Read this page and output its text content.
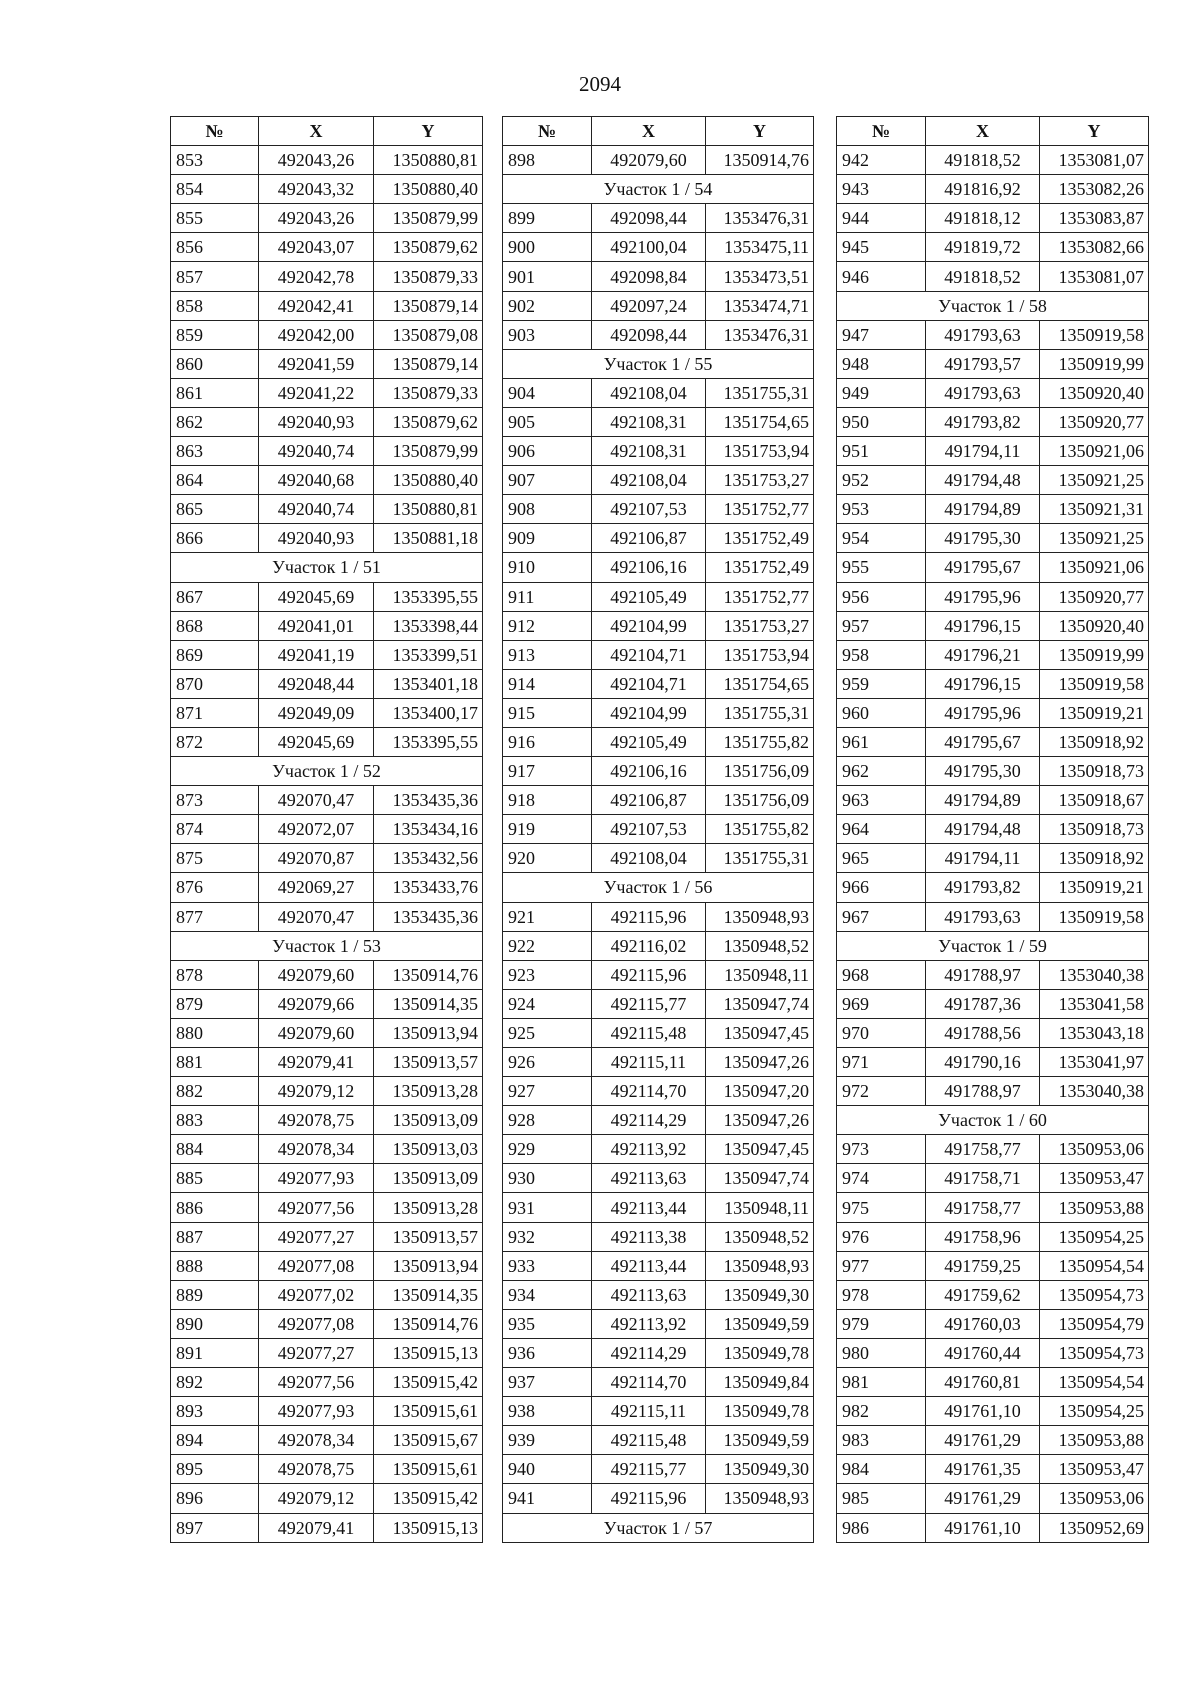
2094
№	X	Y
853	492043,26	1350880,81
854	492043,32	1350880,40
855	492043,26	1350879,99
856	492043,07	1350879,62
857	492042,78	1350879,33
858	492042,41	1350879,14
859	492042,00	1350879,08
860	492041,59	1350879,14
861	492041,22	1350879,33
862	492040,93	1350879,62
863	492040,74	1350879,99
864	492040,68	1350880,40
865	492040,74	1350880,81
866	492040,93	1350881,18
Участок 1 / 51		
867	492045,69	1353395,55
868	492041,01	1353398,44
869	492041,19	1353399,51
870	492048,44	1353401,18
871	492049,09	1353400,17
872	492045,69	1353395,55
Участок 1 / 52		
873	492070,47	1353435,36
874	492072,07	1353434,16
875	492070,87	1353432,56
876	492069,27	1353433,76
877	492070,47	1353435,36
Участок 1 / 53		
878	492079,60	1350914,76
879	492079,66	1350914,35
880	492079,60	1350913,94
881	492079,41	1350913,57
882	492079,12	1350913,28
883	492078,75	1350913,09
884	492078,34	1350913,03
885	492077,93	1350913,09
886	492077,56	1350913,28
887	492077,27	1350913,57
888	492077,08	1350913,94
889	492077,02	1350914,35
890	492077,08	1350914,76
891	492077,27	1350915,13
892	492077,56	1350915,42
893	492077,93	1350915,61
894	492078,34	1350915,67
895	492078,75	1350915,61
896	492079,12	1350915,42
897	492079,41	1350915,13
№	X	Y
898	492079,60	1350914,76
Участок 1 / 54		
899	492098,44	1353476,31
900	492100,04	1353475,11
901	492098,84	1353473,51
902	492097,24	1353474,71
903	492098,44	1353476,31
Участок 1 / 55		
904	492108,04	1351755,31
905	492108,31	1351754,65
906	492108,31	1351753,94
907	492108,04	1351753,27
908	492107,53	1351752,77
909	492106,87	1351752,49
910	492106,16	1351752,49
911	492105,49	1351752,77
912	492104,99	1351753,27
913	492104,71	1351753,94
914	492104,71	1351754,65
915	492104,99	1351755,31
916	492105,49	1351755,82
917	492106,16	1351756,09
918	492106,87	1351756,09
919	492107,53	1351755,82
920	492108,04	1351755,31
Участок 1 / 56		
921	492115,96	1350948,93
922	492116,02	1350948,52
923	492115,96	1350948,11
924	492115,77	1350947,74
925	492115,48	1350947,45
926	492115,11	1350947,26
927	492114,70	1350947,20
928	492114,29	1350947,26
929	492113,92	1350947,45
930	492113,63	1350947,74
931	492113,44	1350948,11
932	492113,38	1350948,52
933	492113,44	1350948,93
934	492113,63	1350949,30
935	492113,92	1350949,59
936	492114,29	1350949,78
937	492114,70	1350949,84
938	492115,11	1350949,78
939	492115,48	1350949,59
940	492115,77	1350949,30
941	492115,96	1350948,93
Участок 1 / 57		
№	X	Y
942	491818,52	1353081,07
943	491816,92	1353082,26
944	491818,12	1353083,87
945	491819,72	1353082,66
946	491818,52	1353081,07
Участок 1 / 58		
947	491793,63	1350919,58
948	491793,57	1350919,99
949	491793,63	1350920,40
950	491793,82	1350920,77
951	491794,11	1350921,06
952	491794,48	1350921,25
953	491794,89	1350921,31
954	491795,30	1350921,25
955	491795,67	1350921,06
956	491795,96	1350920,77
957	491796,15	1350920,40
958	491796,21	1350919,99
959	491796,15	1350919,58
960	491795,96	1350919,21
961	491795,67	1350918,92
962	491795,30	1350918,73
963	491794,89	1350918,67
964	491794,48	1350918,73
965	491794,11	1350918,92
966	491793,82	1350919,21
967	491793,63	1350919,58
Участок 1 / 59		
968	491788,97	1353040,38
969	491787,36	1353041,58
970	491788,56	1353043,18
971	491790,16	1353041,97
972	491788,97	1353040,38
Участок 1 / 60		
973	491758,77	1350953,06
974	491758,71	1350953,47
975	491758,77	1350953,88
976	491758,96	1350954,25
977	491759,25	1350954,54
978	491759,62	1350954,73
979	491760,03	1350954,79
980	491760,44	1350954,73
981	491760,81	1350954,54
982	491761,10	1350954,25
983	491761,29	1350953,88
984	491761,35	1350953,47
985	491761,29	1350953,06
986	491761,10	1350952,69
